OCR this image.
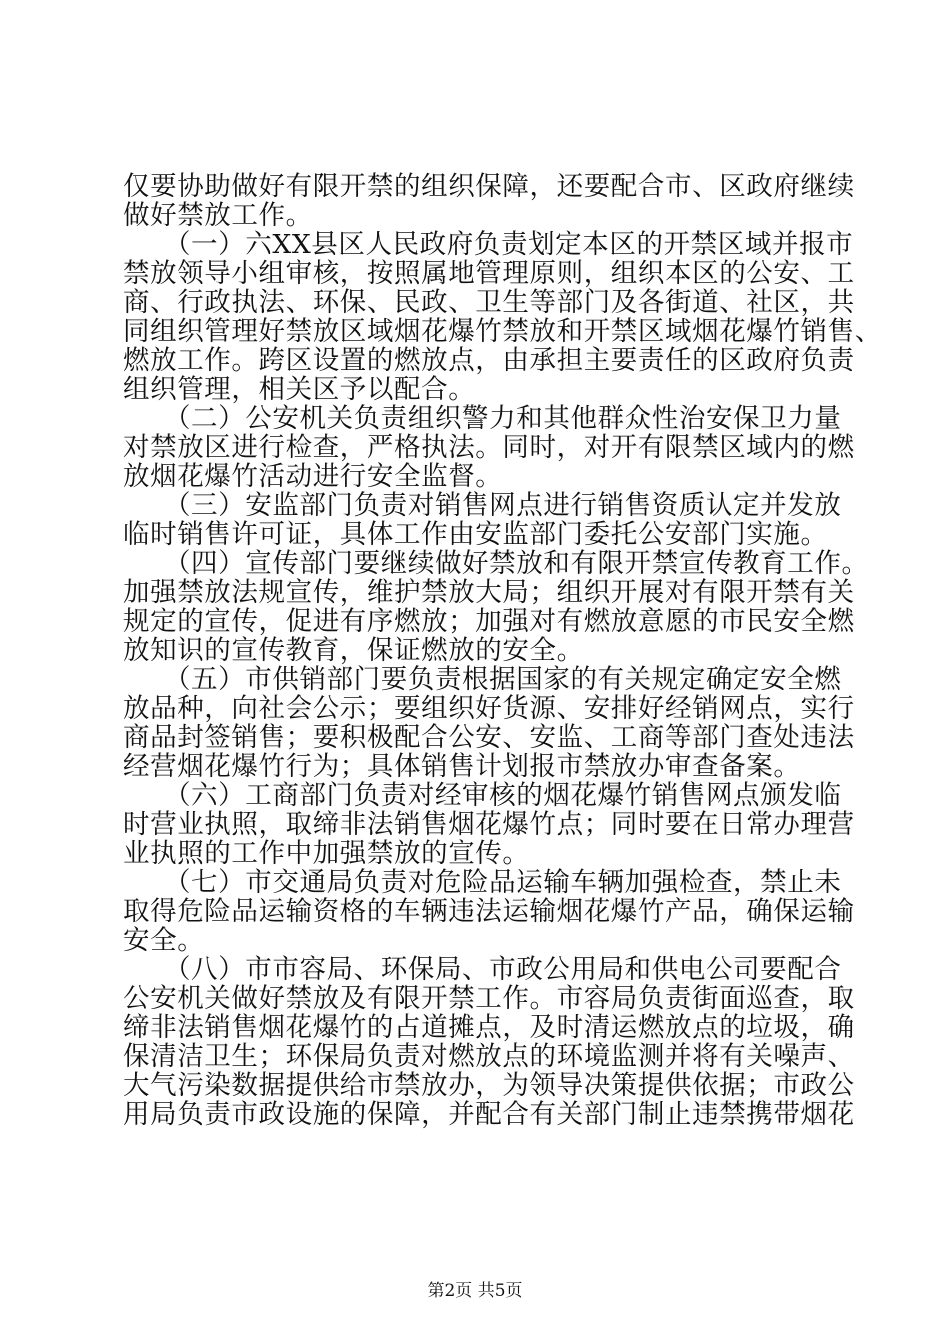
仅要协助做好有限开禁的组织保障，还要配合市、区政府继续
做好禁放工作。
　　（一）六XX县区人民政府负责划定本区的开禁区域并报市
禁放领导小组审核，按照属地管理原则，组织本区的公安、工
商、行政执法、环保、民政、卫生等部门及各街道、社区，共
同组织管理好禁放区域烟花爆竹禁放和开禁区域烟花爆竹销售、
燃放工作。跨区设置的燃放点，由承担主要责任的区政府负责
组织管理，相关区予以配合。
　　（二）公安机关负责组织警力和其他群众性治安保卫力量
对禁放区进行检查，严格执法。同时，对开有限禁区域内的燃
放烟花爆竹活动进行安全监督。
　　（三）安监部门负责对销售网点进行销售资质认定并发放
临时销售许可证，具体工作由安监部门委托公安部门实施。
　　（四）宣传部门要继续做好禁放和有限开禁宣传教育工作。
加强禁放法规宣传，维护禁放大局；组织开展对有限开禁有关
规定的宣传，促进有序燃放；加强对有燃放意愿的市民安全燃
放知识的宣传教育，保证燃放的安全。
　　（五）市供销部门要负责根据国家的有关规定确定安全燃
放品种，向社会公示；要组织好货源、安排好经销网点，实行
商品封签销售；要积极配合公安、安监、工商等部门查处违法
经营烟花爆竹行为；具体销售计划报市禁放办审查备案。
　　（六）工商部门负责对经审核的烟花爆竹销售网点颁发临
时营业执照，取缔非法销售烟花爆竹点；同时要在日常办理营
业执照的工作中加强禁放的宣传。
　　（七）市交通局负责对危险品运输车辆加强检查，禁止未
取得危险品运输资格的车辆违法运输烟花爆竹产品，确保运输
安全。
　　（八）市市容局、环保局、市政公用局和供电公司要配合
公安机关做好禁放及有限开禁工作。市容局负责街面巡查，取
缔非法销售烟花爆竹的占道摊点，及时清运燃放点的垃圾，确
保清洁卫生；环保局负责对燃放点的环境监测并将有关噪声、
大气污染数据提供给市禁放办，为领导决策提供依据；市政公
用局负责市政设施的保障，并配合有关部门制止违禁携带烟花
第2页 共5页
